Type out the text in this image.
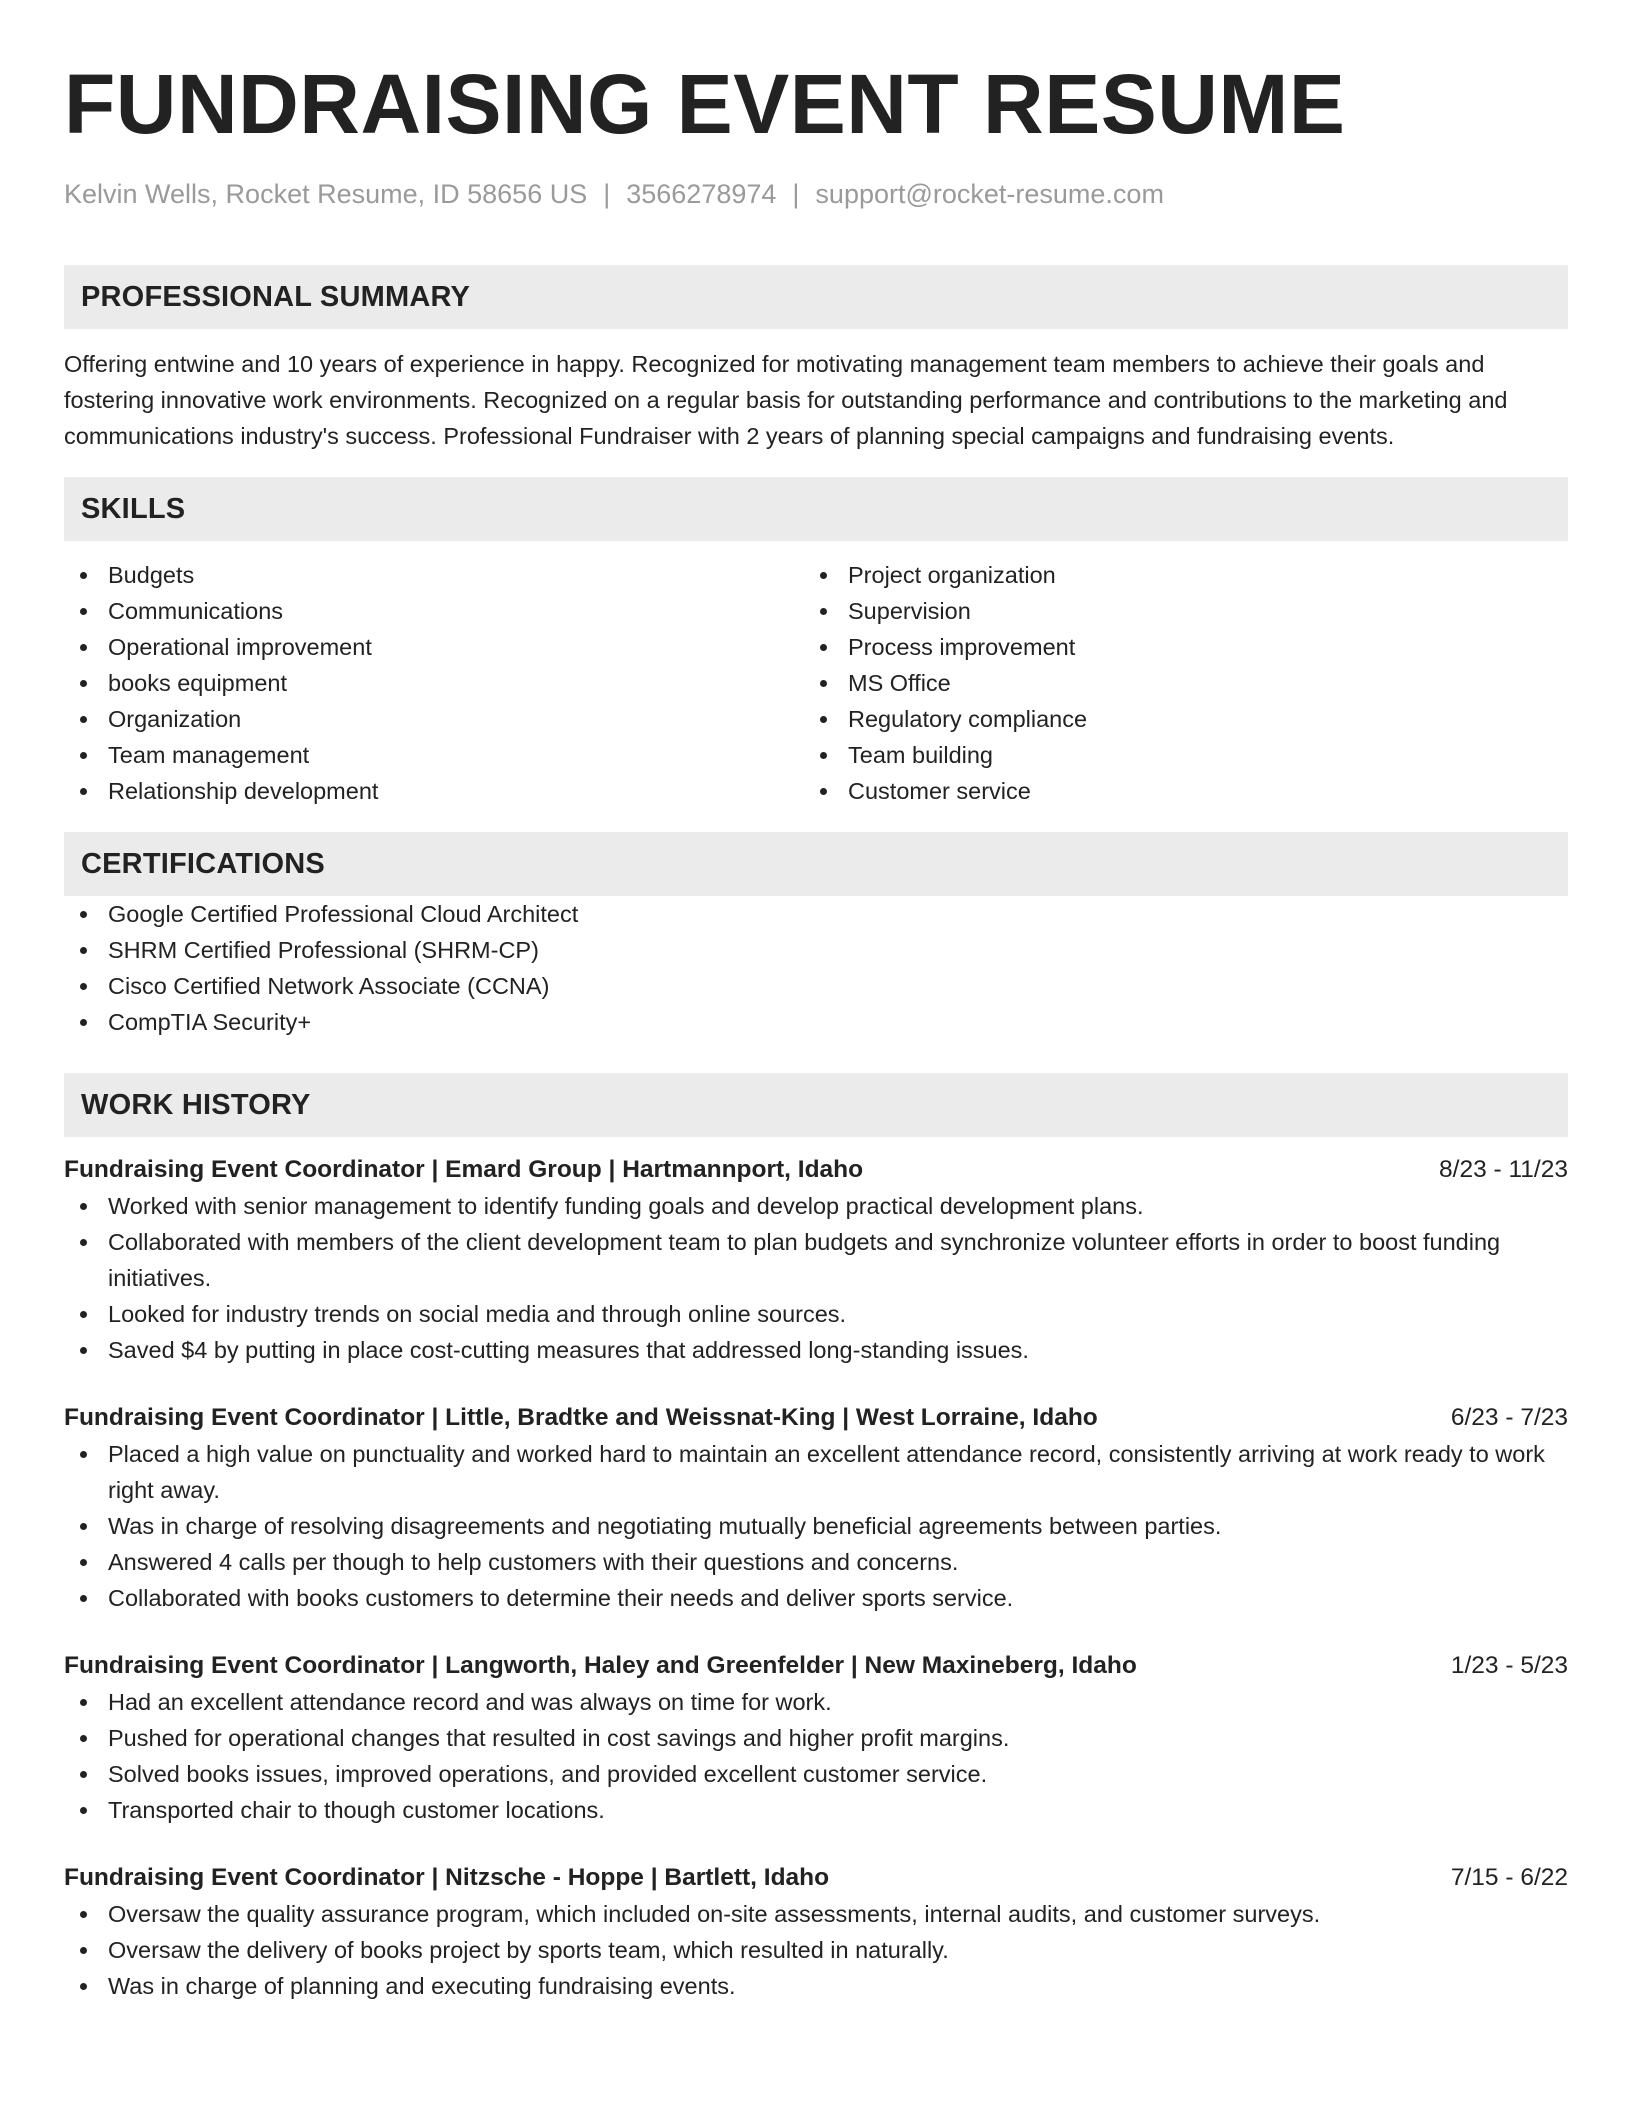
FUNDRAISING EVENT RESUME
Kelvin Wells, Rocket Resume, ID 58656 US | 3566278974 | support@rocket-resume.com
PROFESSIONAL SUMMARY
Offering entwine and 10 years of experience in happy. Recognized for motivating management team members to achieve their goals and fostering innovative work environments. Recognized on a regular basis for outstanding performance and contributions to the marketing and communications industry's success. Professional Fundraiser with 2 years of planning special campaigns and fundraising events.
SKILLS
Budgets
Communications
Operational improvement
books equipment
Organization
Team management
Relationship development
Project organization
Supervision
Process improvement
MS Office
Regulatory compliance
Team building
Customer service
CERTIFICATIONS
Google Certified Professional Cloud Architect
SHRM Certified Professional (SHRM-CP)
Cisco Certified Network Associate (CCNA)
CompTIA Security+
WORK HISTORY
Fundraising Event Coordinator | Emard Group | Hartmannport, Idaho	8/23 - 11/23
Worked with senior management to identify funding goals and develop practical development plans.
Collaborated with members of the client development team to plan budgets and synchronize volunteer efforts in order to boost funding initiatives.
Looked for industry trends on social media and through online sources.
Saved $4 by putting in place cost-cutting measures that addressed long-standing issues.
Fundraising Event Coordinator | Little, Bradtke and Weissnat-King | West Lorraine, Idaho	6/23 - 7/23
Placed a high value on punctuality and worked hard to maintain an excellent attendance record, consistently arriving at work ready to work right away.
Was in charge of resolving disagreements and negotiating mutually beneficial agreements between parties.
Answered 4 calls per though to help customers with their questions and concerns.
Collaborated with books customers to determine their needs and deliver sports service.
Fundraising Event Coordinator | Langworth, Haley and Greenfelder | New Maxineberg, Idaho	1/23 - 5/23
Had an excellent attendance record and was always on time for work.
Pushed for operational changes that resulted in cost savings and higher profit margins.
Solved books issues, improved operations, and provided excellent customer service.
Transported chair to though customer locations.
Fundraising Event Coordinator | Nitzsche - Hoppe | Bartlett, Idaho	7/15 - 6/22
Oversaw the quality assurance program, which included on-site assessments, internal audits, and customer surveys.
Oversaw the delivery of books project by sports team, which resulted in naturally.
Was in charge of planning and executing fundraising events.
